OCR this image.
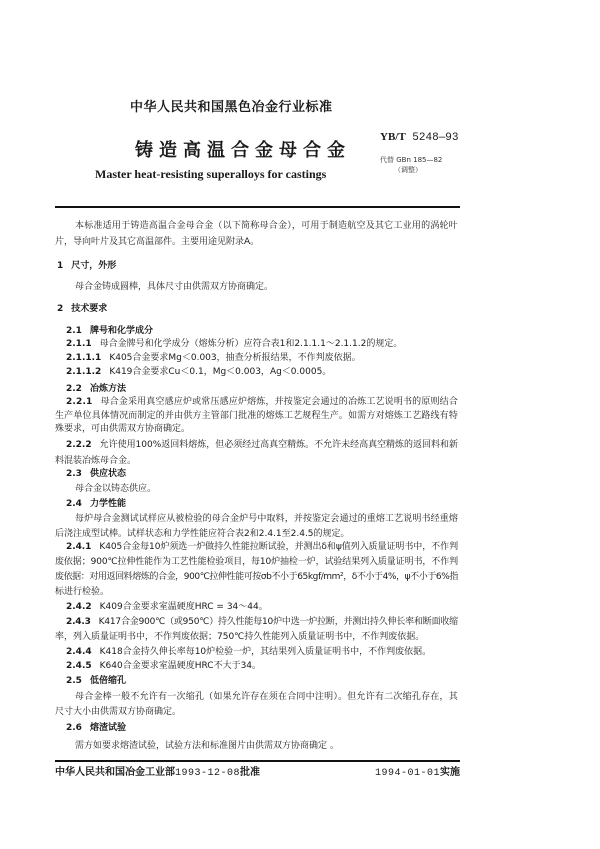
中华人民共和国黑色冶金行业标准
铸造高温合金母合金
YB/T 5248—93
代替 GBn 185—82
（调整）
Master heat-resisting superalloys for castings
本标准适用于铸造高温合金母合金（以下简称母合金），可用于制造航空及其它工业用的涡轮叶
片，导向叶片及其它高温部件。主要用途见附录A。
1 尺寸，外形
母合金铸成圆棒，具体尺寸由供需双方协商确定。
2 技术要求
2.1 牌号和化学成分
2.1.1 母合金牌号和化学成分（熔炼分析）应符合表1和2.1.1.1～2.1.1.2的规定。
2.1.1.1 K405合金要求Mg＜0.003，抽查分析报结果，不作判废依据。
2.1.1.2 K419合金要求Cu＜0.1，Mg＜0.003，Ag＜0.0005。
2.2 冶炼方法
2.2.1 母合金采用真空感应炉或常压感应炉熔炼，并按鉴定会通过的冶炼工艺说明书的原则结合
生产单位具体情况而制定的并由供方主管部门批准的熔炼工艺规程生产。如需方对熔炼工艺路线有特
殊要求，可由供需双方协商确定。
2.2.2 允许使用100%返回料熔炼，但必须经过高真空精炼。不允许未经高真空精炼的返回料和新
料混装冶炼母合金。
2.3 供应状态
母合金以铸态供应。
2.4 力学性能
每炉母合金测试试样应从被检验的母合金炉号中取料，并按鉴定会通过的重熔工艺说明书经重熔
后浇注成型试棒。试样状态和力学性能应符合表2和2.4.1至2.4.5的规定。
2.4.1 K405合金每10炉须选一炉做持久性能拉断试验，并测出δ和ψ值列入质量证明书中，不作判
废依据；900℃拉伸性能作为工艺性能检验项目，每10炉抽检一炉，试验结果列入质量证明书，不作判
废依据：对用返回料熔炼的合金，900℃拉伸性能可按σb不小于65kgf/mm²，δ不小于4%，ψ不小于6%指
标进行检验。
2.4.2 K409合金要求室温硬度HRC = 34～44。
2.4.3 K417合金900℃（或950℃）持久性能每10炉中选一炉拉断，并测出持久伸长率和断面收缩
率，列入质量证明书中，不作判废依据；750℃持久性能列入质量证明书中，不作判废依据。
2.4.4 K418合金持久伸长率每10炉检验一炉，其结果列入质量证明书中，不作判废依据。
2.4.5 K640合金要求室温硬度HRC不大于34。
2.5 低倍缩孔
母合金棒一般不允许有一次缩孔（如果允许存在须在合同中注明）。但允许有二次缩孔存在，其
尺寸大小由供需双方协商确定。
2.6 熔渣试验
需方如要求熔渣试验，试验方法和标准图片由供需双方协商确定 。
中华人民共和国冶金工业部1993-12-08批准	1994-01-01实施
